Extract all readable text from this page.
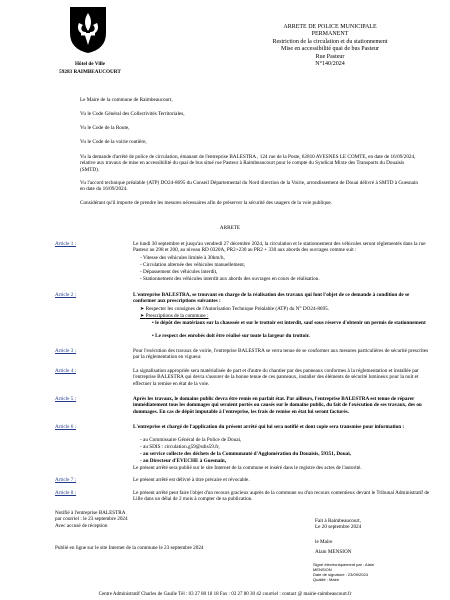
Hôtel de Ville
59283 RAIMBEAUCOURT
ARRETE DE POLICE MUNICIPALE
PERMANENT
Restriction de la circulation et du stationnement
Mise en accessibilité quai de bus Pasteur
Rue Pasteur
N°140/2024
Le Maire de la commune de Raimbeaucourt,
Vu le Code Général des Collectivités Territoriales,
Vu le Code de la Route,
Vu le Code de la voirie routière,
Vu la demande d'arrêté de police de circulation, émanant de l'entreprise BALESTRA , 124 rue de la Poste, 62810 AVESNES LE COMTE, en date de 16/09/2024, relative aux travaux de mise en accessibilité du quai de bus situé rue Pasteur à Raimbeaucourt pour le compte du Syndicat Mixte des Transports du Douaisis (SMTD).
Vu l'accord technique préalable (ATP) DO24-8695 du Conseil Départemental du Nord direction de la Voirie, arrondissement de Douai délivré à SMTD à Guesnain en date du 16/09/2024.
Considérant qu'il importe de prendre les mesures nécessaires afin de préserver la sécurité des usagers de la voie publique.
ARRETE
Article 1 :	Le lundi 30 septembre et jusqu'au vendredi 27 décembre 2024, la circulation et le stationnement des véhicules seront réglementés dans la rue Pasteur au 298 et 200, au niveau RD 0320A, PR2+230 au PR2 + 330 aux abords des ouvrages comme suit :
- Vitesse des véhicules limitée à 30km/h,
- Circulation alternée des véhicules manuellement,
- Dépassement des véhicules interdit,
- Stationnement des véhicules interdit aux abords des ouvrages en cours de réalisation.
Article 2 :	L'entreprise BALESTRA, se trouvant en charge de la réalisation des travaux qui font l'objet de ce demande à condition de se conformer aux prescriptions suivantes :
➤ Respecter les consignes de l'Autorisation Technique Préalable (ATP) du N° DO24-8695.
➤ Prescriptions de la commune :
• le dépôt des matériaux sur la chaussée et sur le trottoir est interdit, sauf sous réserve d'obtenir un permis de stationnement
• Le respect des enrobés doit être réalisé sur toute la largeur du trottoir.
Article 3 :	Pour l'exécution des travaux de voirie, l'entreprise BALESTRA se verra tenue de se conformer aux mesures particulières de sécurité prescrites par la réglementation en vigueur.
Article 4 :	La signalisation appropriée sera matérialisée de part et d'autre du chantier par des panneaux conformes à la réglementation et installée par l'entreprise BALESTRA qui devra s'assurer de la bonne tenue de ces panneaux, installer des éléments de sécurité lumineux pour la nuit et effectuer la remise en état de la voie.
Article 5 :	Après les travaux, le domaine public devra être remis en parfait état. Par ailleurs, l'entreprise BALESTRA est tenue de réparer immédiatement tous les dommages qui seraient portés ou causés sur le domaine public, du fait de l'exécution de ses travaux, des ou dommages. En cas de dépôt imputable à l'entreprise, les frais de remise en état lui seront facturés.
Article 6 :	L'entreprise et chargé de l'application du présent arrêté qui lui sera notifié et dont copie sera transmise pour information :
- au Commissaire Général de la Police de Douai,
- au SDIS : circulation.g59@sdis59.fr,
- au service collecte des déchets de la Communauté d'Agglomération du Douaisis, 59351, Douai,
- au Directeur d'EVECHE à Guesnain,
Le présent arrêté sera publié sur le site Internet de la commune et inséré dans le registre des actes de l'autorité.
Article 7 :	Le présent arrêté est délivré à titre précaire et révocable.
Article 8 :	Le présent arrêté peut faire l'objet d'un recours gracieux auprès de la commune ou d'un recours contentieux devant le Tribunal Administratif de Lille dans un délai de 2 mois à compter de sa publication.
Notifié à l'entreprise BALESTRA
par courriel : le 23 septembre 2024
Avec accusé de réception
Publié en ligne sur le site Internet de la commune le 23 septembre 2024
Fait à Raimbeaucourt,
Le 20 septembre 2024
le Maire
Alain MENSION
Signé électroniquement par : Alain
MENSION
Date de signature : 23/09/2024
Qualité : Maire
Centre Administratif Charles de Gaulle Tél : 03 27 80 18 18 Fax : 03 27 80 30 42 courriel : contact @ mairie-raimbeaucourt.fr
